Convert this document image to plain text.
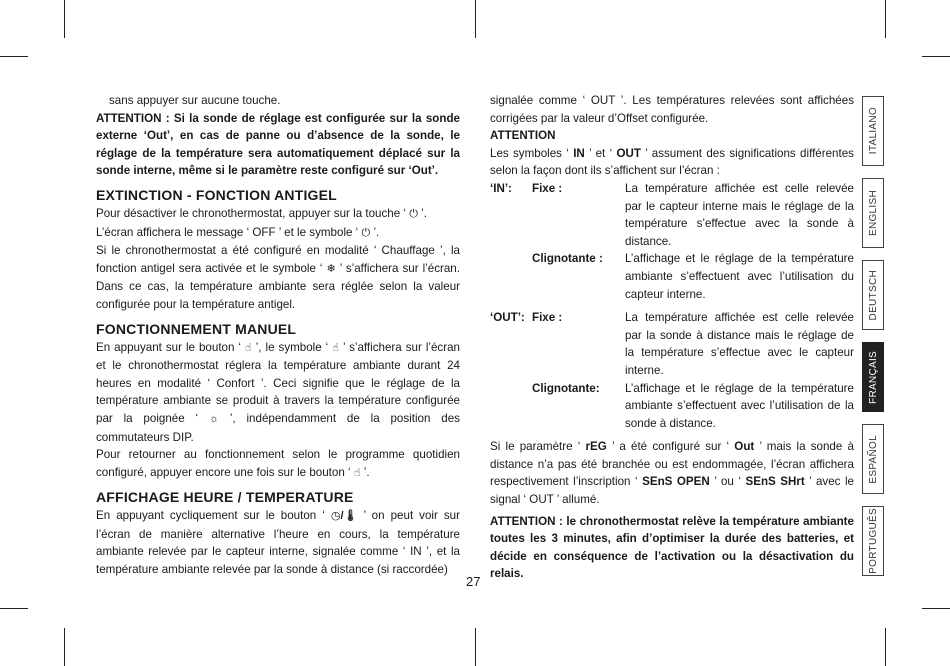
sans appuyer sur aucune touche.

ATTENTION : Si la sonde de réglage est configurée sur la sonde externe ‘Out’, en cas de panne ou d’absence de la sonde, le réglage de la température sera automatiquement déplacé sur la sonde interne, même si le paramètre reste configuré sur ‘Out’.

EXTINCTION - FONCTION ANTIGEL

Pour désactiver le chronothermostat, appuyer sur la touche ‘ ⏻ ’.

L’écran affichera le message ‘ OFF ’ et le symbole ‘ ⏻ ’.

Si le chronothermostat a été configuré en modalité ‘ Chauffage ’, la fonction antigel sera activée et le symbole ‘ ❄ ’ s’affichera sur l’écran. Dans ce cas, la température ambiante sera réglée selon la valeur configurée pour la température antigel.

FONCTIONNEMENT MANUEL

En appuyant sur le bouton ‘ ☝ ’, le symbole ‘ ☝ ’ s’affichera sur l’écran et le chronothermostat réglera la température ambiante durant 24 heures en modalité ‘ Confort ’. Ceci signifie que le réglage de la température ambiante se produit à travers la température configurée par la poignée ‘ ☼ ’, indépendamment de la position des commutateurs DIP.

Pour retourner au fonctionnement selon le programme quotidien configuré, appuyer encore une fois sur le bouton ‘ ☝ ’.

AFFICHAGE HEURE / TEMPERATURE

En appuyant cycliquement sur le bouton ‘ ◷/🌡 ’ on peut voir sur l’écran de manière alternative l’heure en cours, la température ambiante relevée par le capteur interne, signalée comme ‘ IN ’, et la température ambiante relevée par la sonde à distance (si raccordée)

signalée comme ‘ OUT ’. Les températures relevées sont affichées corrigées par la valeur d’Offset configurée.

ATTENTION

Les symboles ‘ IN ’ et ‘ OUT ’ assument des significations différentes selon la façon dont ils s’affichent sur l’écran :

‘IN’:	Fixe :	La température affichée est celle relevée par le capteur interne mais le réglage de la température s’effectue avec la sonde à distance.
Clignotante :	L’affichage et le réglage de la température ambiante s’effectuent avec l’utilisation du capteur interne.
‘OUT’: Fixe :	La température affichée est celle relevée par la sonde à distance mais le réglage de la température s’effectue avec le capteur interne.
Clignotante:	L’affichage et le réglage de la température ambiante s’effectuent avec l’utilisation de la sonde à distance.

Si le paramètre ‘ rEG ’ a été configuré sur ‘ Out ’ mais la sonde à distance n’a pas été branchée ou est endommagée, l’écran affichera respectivement l’inscription ‘ SEnS OPEN ’ ou ‘ SEnS SHrt ’ avec le signal ‘ OUT ’ allumé.

ATTENTION : le chronothermostat relève la température ambiante toutes les 3 minutes, afin d’optimiser la durée des batteries, et décide en conséquence de l’activation ou la désactivation du relais.

27
ITALIANO
ENGLISH
DEUTSCH
FRANÇAIS
ESPAÑOL
PORTUGUÊS
